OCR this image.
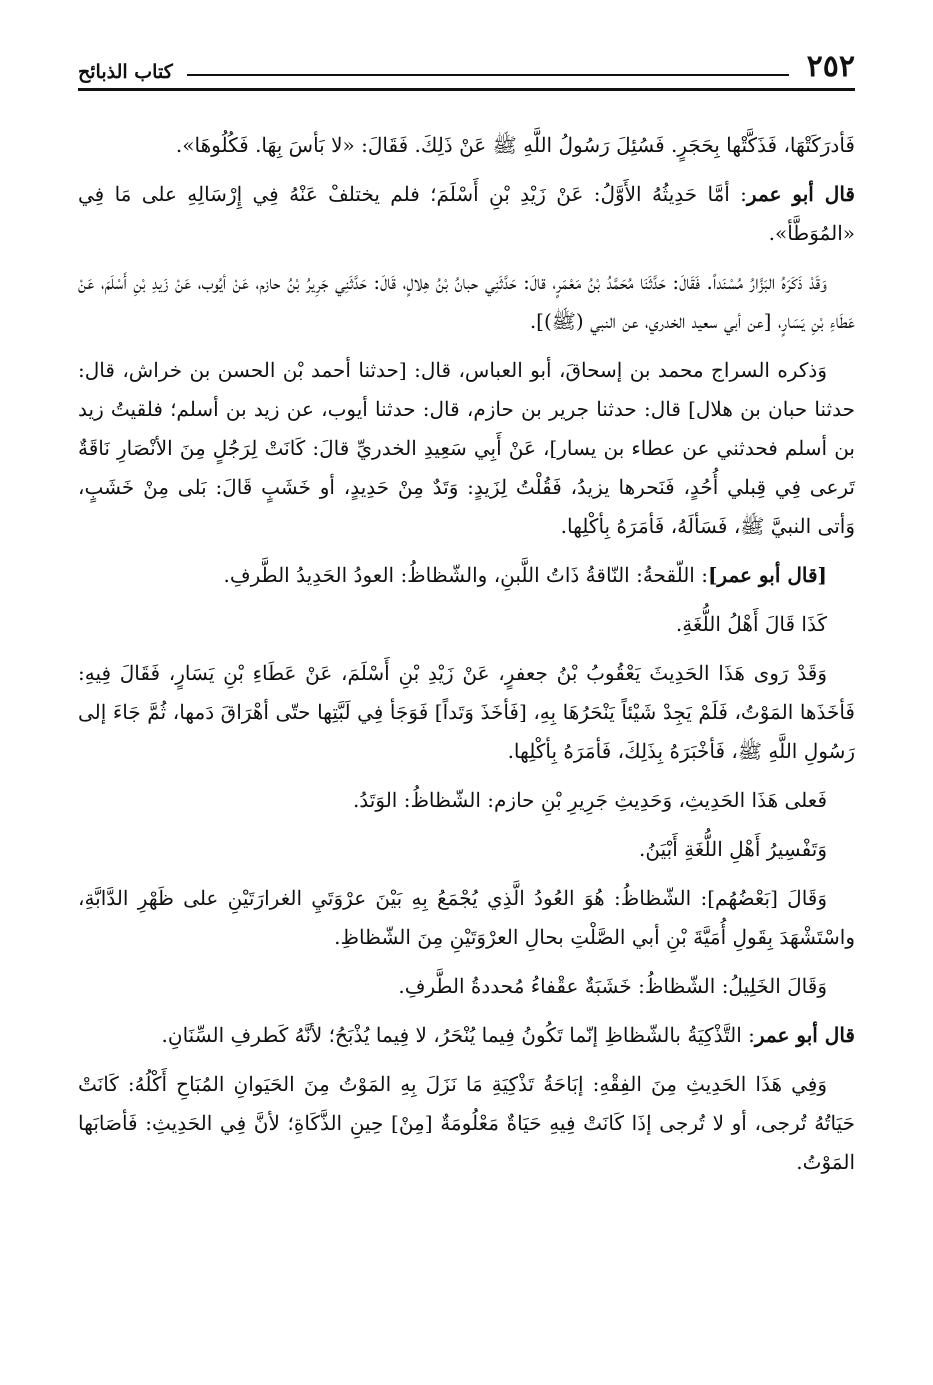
٢٥٢
كتاب الذبائح

فَأدرَكَتْهَا، فَذَكَّتْها بِحَجَرٍ. فَسُئِلَ رَسُولُ اللَّهِ ﷺ عَنْ ذَلِكَ. فَقَالَ: «لا بَأسَ بِهَا. فَكُلُوهَا».

قال أبو عمر: أمَّا حَدِيثُهُ الأَوَّلُ: عَنْ زَيْدِ بْنِ أَسْلَمَ؛ فلم يختلفْ عَنْهُ فِي إِرْسَالِهِ على مَا فِي «المُوَطَّأ».

وَقَدْ ذَكَرَهُ البَزَّارُ مُسْنَداً. فَقَالَ: حَدَّثَنَا مُحَمَّدُ بْنُ مَعْمَرٍ، قالَ: حَدَّثَنِي حبانُ بْنُ هِلالٍ، قَالَ: حَدَّثَنِي جَرِيرُ بْنُ حازم، عَنْ أيُوب، عَنْ زَيدِ بْنِ أَسْلَمَ، عَنْ عَطَاءِ بْنِ يَسَارٍ، [عن أبي سعيد الخدري، عن النبي (ﷺ)].

وَذكره السراج محمد بن إسحاقَ، أبو العباس، قال: [حدثنا أحمد بْن الحسن بن خراش، قال: حدثنا حبان بن هلال] قال: حدثنا جرير بن حازم، قال: حدثنا أيوب، عن زيد بن أسلم؛ فلقيتُ زيد بن أسلم فحدثني عن عطاء بن يسار]، عَنْ أَبِي سَعِيدِ الخدريِّ قالَ: كَانَتْ لِرَجُلٍ مِنَ الأنْصَارِ نَاقَةٌ تَرعى فِي قِبلي أُحُدٍ، فَنَحرها يزيدُ، فَقُلْتُ لِزَيدٍ: وَتَدٌ مِنْ حَدِيدٍ، أو خَشَبٍ قَالَ: بَلى مِنْ خَشَبٍ، وَأتى النبيَّ ﷺ، فَسَألَهُ، فَأمَرَهُ بِأكْلِها.

[قال أبو عمر]: اللّقحةُ: النّاقةُ ذَاتُ اللَّبنِ، والشّظاظُ: العودُ الحَدِيدُ الطَّرفِ.

كَذَا قَالَ أَهْلُ اللُّغَةِ.

وَقَدْ رَوى هَذَا الحَدِيثَ يَعْقُوبُ بْنُ جعفرٍ، عَنْ زَيْدِ بْنِ أَسْلَمَ، عَنْ عَطَاءِ بْنِ يَسَارٍ، فَقَالَ فِيهِ: فَأخَذَها المَوْتُ، فَلَمْ يَجِدْ شَيْئاً يَنْحَرُهَا بِهِ، [فَأخَذَ وَتَداً] فَوَجَأ فِي لَبَّتِها حتّى أهْرَاقَ دَمها، ثُمَّ جَاءَ إلى رَسُولِ اللَّهِ ﷺ، فَأخْبَرَهُ بِذَلِكَ، فَأمَرَهُ بِأكْلِها.

فَعلى هَذَا الحَدِيثِ، وَحَدِيثِ جَرِيرِ بْنِ حازم: الشّظاظُ: الوَتَدُ.

وَتَفْسِيرُ أَهْلِ اللُّغَةِ أَبْيَنُ.

وَقَالَ [بَعْضُهُم]: الشّظاظُ: هُوَ العُودُ الَّذِي يُجْمَعُ بِهِ بَيْنَ عرْوَتَيِ الغرارَتَيْنِ على ظَهْرِ الدَّابَّةِ، واسْتَشْهَدَ بِقَولِ أُمَيَّةَ بْنِ أبي الصَّلْتِ بحالِ العرْوَتَيْنِ مِنَ الشّظاظِ.

وَقَالَ الخَلِيلُ: الشّظاظُ: خَشَبَةٌ عقْفاءُ مُحددةُ الطَّرفِ.

قال أبو عمر: التَّذْكِيَةُ بالشّظاظِ إنّما تَكُونُ فِيما يُنْحَرُ، لا فِيما يُذْبَحُ؛ لأنَّهُ كَطرفِ السِّنَانِ.

وَفِي هَذَا الحَدِيثِ مِنَ الفِقْهِ: إبَاحَةُ تَذْكِيَةِ مَا نَزَلَ بِهِ المَوْتُ مِنَ الحَيَوانِ المُبَاحِ أَكْلُهُ: كَانَتْ حَيَاتُهُ تُرجى، أو لا تُرجى إذَا كَانَتْ فِيهِ حَيَاةٌ مَعْلُومَةٌ [مِنْ] حِينِ الذَّكَاةِ؛ لأنَّ فِي الحَدِيثِ: فَأصَابَها المَوْتُ.
